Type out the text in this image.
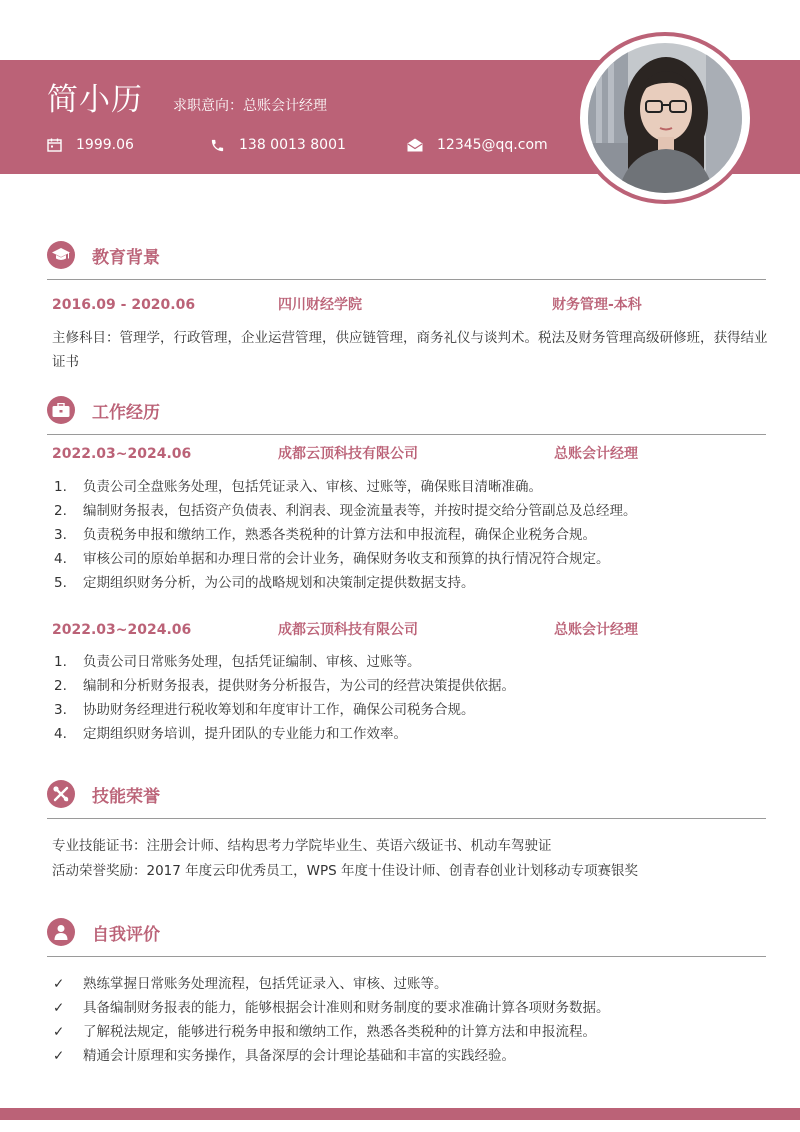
简小历 求职意向：总账会计经理
1999.06	138 0013 8001	12345@qq.com
教育背景
2016.09 - 2020.06	四川财经学院	财务管理-本科
主修科目：管理学，行政管理，企业运营管理，供应链管理，商务礼仪与谈判术。税法及财务管理高级研修班，获得结业证书
工作经历
2022.03~2024.06	成都云顶科技有限公司	总账会计经理
1. 负责公司全盘账务处理，包括凭证录入、审核、过账等，确保账目清晰准确。
2. 编制财务报表，包括资产负债表、利润表、现金流量表等，并按时提交给分管副总及总经理。
3. 负责税务申报和缴纳工作，熟悉各类税种的计算方法和申报流程，确保企业税务合规。
4. 审核公司的原始单据和办理日常的会计业务，确保财务收支和预算的执行情况符合规定。
5. 定期组织财务分析，为公司的战略规划和决策制定提供数据支持。
2022.03~2024.06	成都云顶科技有限公司	总账会计经理
1. 负责公司日常账务处理，包括凭证编制、审核、过账等。
2. 编制和分析财务报表，提供财务分析报告，为公司的经营决策提供依据。
3. 协助财务经理进行税收筹划和年度审计工作，确保公司税务合规。
4. 定期组织财务培训，提升团队的专业能力和工作效率。
技能荣誉
专业技能证书：注册会计师、结构思考力学院毕业生、英语六级证书、机动车驾驶证
活动荣誉奖励：2017 年度云印优秀员工，WPS 年度十佳设计师、创青春创业计划移动专项赛银奖
自我评价
✓ 熟练掌握日常账务处理流程，包括凭证录入、审核、过账等。
✓ 具备编制财务报表的能力，能够根据会计准则和财务制度的要求准确计算各项财务数据。
✓ 了解税法规定，能够进行税务申报和缴纳工作，熟悉各类税种的计算方法和申报流程。
✓ 精通会计原理和实务操作，具备深厚的会计理论基础和丰富的实践经验。
